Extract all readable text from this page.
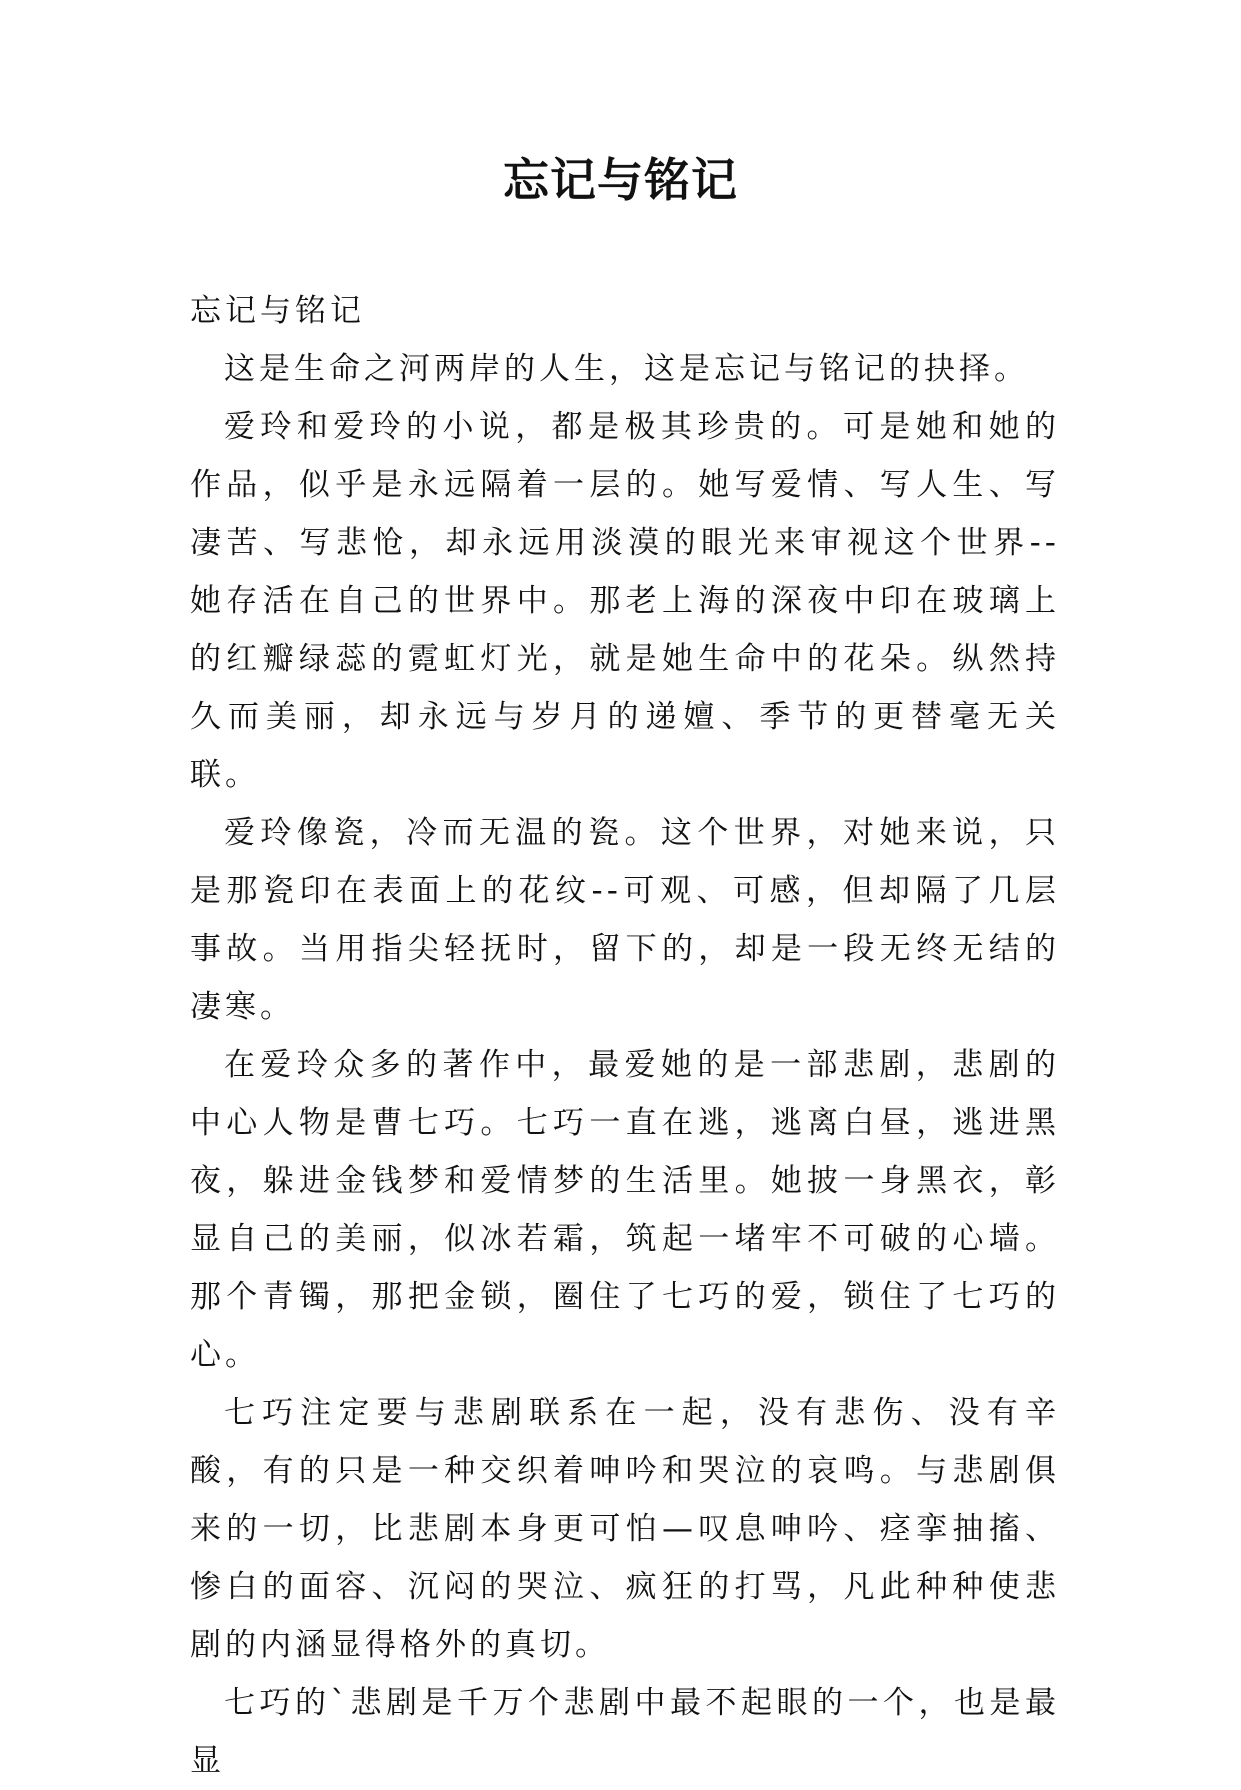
忘记与铭记
忘记与铭记

这是生命之河两岸的人生，这是忘记与铭记的抉择。

爱玲和爱玲的小说，都是极其珍贵的。可是她和她的作品，似乎是永远隔着一层的。她写爱情、写人生、写凄苦、写悲怆，却永远用淡漠的眼光来审视这个世界--她存活在自己的世界中。那老上海的深夜中印在玻璃上的红瓣绿蕊的霓虹灯光，就是她生命中的花朵。纵然持久而美丽，却永远与岁月的递嬗、季节的更替毫无关联。

爱玲像瓷，冷而无温的瓷。这个世界，对她来说，只是那瓷印在表面上的花纹--可观、可感，但却隔了几层事故。当用指尖轻抚时，留下的，却是一段无终无结的凄寒。

在爱玲众多的著作中，最爱她的是一部悲剧，悲剧的中心人物是曹七巧。七巧一直在逃，逃离白昼，逃进黑夜，躲进金钱梦和爱情梦的生活里。她披一身黑衣，彰显自己的美丽，似冰若霜，筑起一堵牢不可破的心墙。那个青镯，那把金锁，圈住了七巧的爱，锁住了七巧的心。

七巧注定要与悲剧联系在一起，没有悲伤、没有辛酸，有的只是一种交织着呻吟和哭泣的哀鸣。与悲剧俱来的一切，比悲剧本身更可怕—叹息呻吟、痉挛抽搐、惨白的面容、沉闷的哭泣、疯狂的打骂，凡此种种使悲剧的内涵显得格外的真切。

七巧的`悲剧是千万个悲剧中最不起眼的一个，也是最显
